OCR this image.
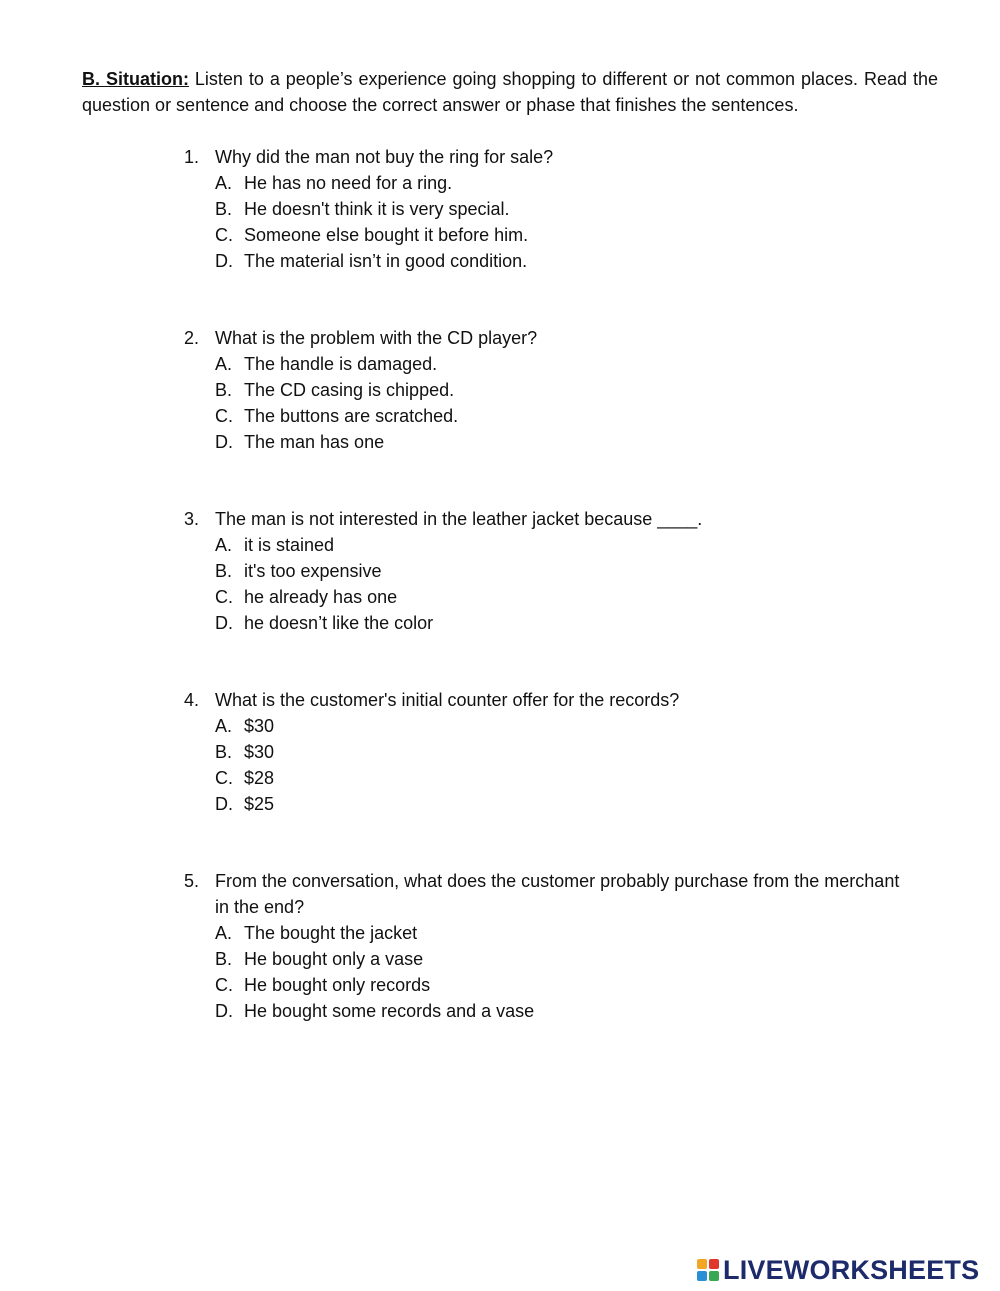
B. Situation: Listen to a people’s experience going shopping to different or not common places. Read the question or sentence and choose the correct answer or phase that finishes the sentences.

1. Why did the man not buy the ring for sale?
A. He has no need for a ring.
B. He doesn't think it is very special.
C. Someone else bought it before him.
D. The material isn’t in good condition.
2. What is the problem with the CD player?
A. The handle is damaged.
B. The CD casing is chipped.
C. The buttons are scratched.
D. The man has one
3. The man is not interested in the leather jacket because ____.
A. it is stained
B. it's too expensive
C. he already has one
D. he doesn’t like the color
4. What is the customer's initial counter offer for the records?
A. $30
B. $30
C. $28
D. $25
5. From the conversation, what does the customer probably purchase from the merchant in the end?
A. The bought the jacket
B. He bought only a vase
C. He bought only records
D. He bought some records and a vase
LIVEWORKSHEETS
